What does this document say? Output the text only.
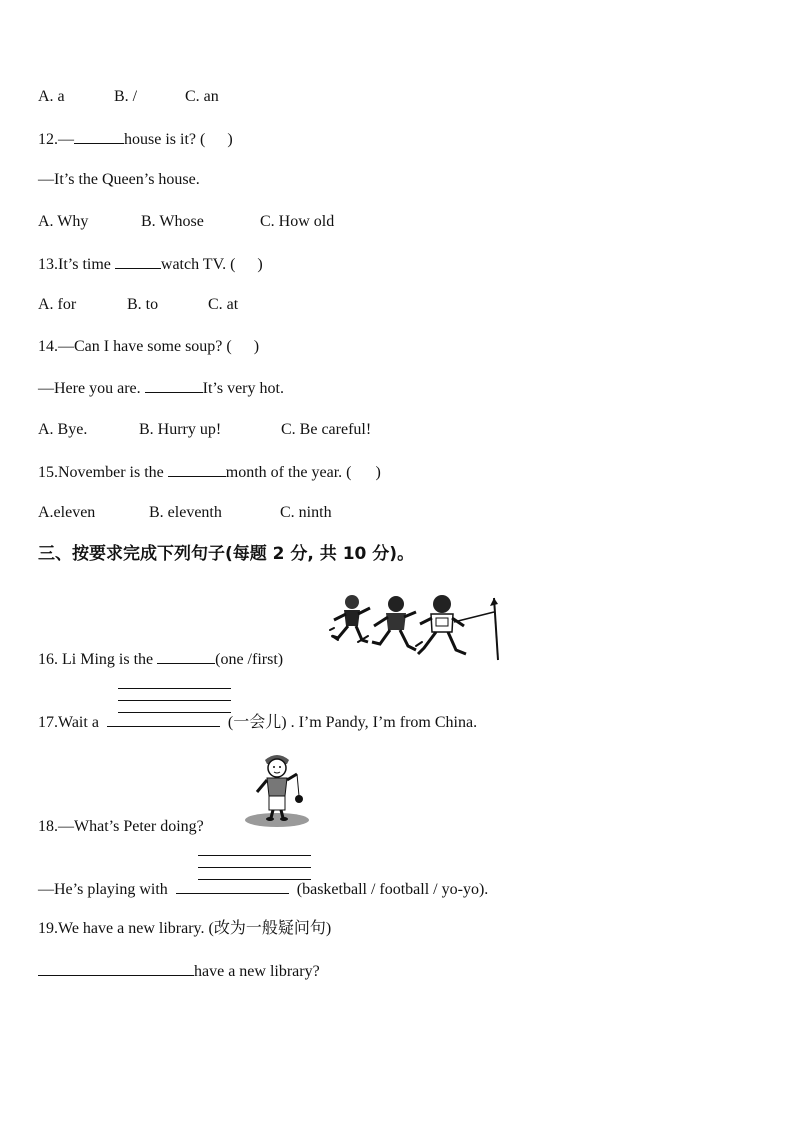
A. a	B. /	C. an
12.—	house is it? ( )
—It’s the Queen’s house.
A. Why	B. Whose	C. How old
13.It’s time	watch TV. ( )
A. for	B. to	C. at
14.—Can I have some soup? ( )
—Here you are.	It’s very hot.
A. Bye.	B. Hurry up!	C. Be careful!
15.November is the	month of the year. ( )
A.eleven	B. eleventh	C. ninth
三、按要求完成下列句子(每题 2 分, 共 10 分)。
16. Li Ming is the	(one /first)
17.Wait a	(一会儿) . I’m Pandy, I’m from China.
18.—What’s Peter doing?
—He’s playing with	(basketball / football / yo-yo).
19.We have a new library. (改为一般疑问句)
have a new library?
